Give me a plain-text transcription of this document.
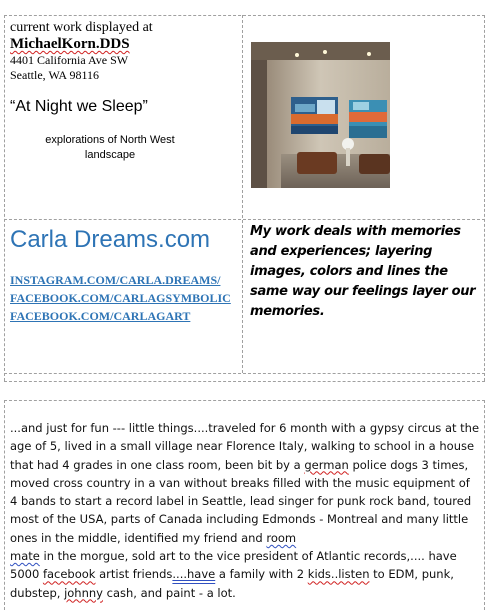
current work displayed at
MichaelKorn.DDS
4401 California Ave SW
Seattle, WA 98116
“At Night we Sleep”
explorations of North West
landscape
Carla Dreams.com
INSTAGRAM.COM/CARLA.DREAMS/
FACEBOOK.COM/CARLAGSYMBOLIC
FACEBOOK.COM/CARLAGART
My work deals with memories and experiences; layering images, colors and lines the same way our feelings layer our memories.
...and just for fun --- little things....traveled for 6 month with a gypsy circus at the age of 5, lived in a small village near Florence Italy, walking to school in a house that had 4 grades in one class room, been bit by a german police dogs 3 times, moved cross country in a van without breaks filled with the music equipment of 4 bands to start a record label in Seattle, lead singer for punk rock band, toured most of the USA, parts of Canada including Edmonds - Montreal and many little ones in the middle, identified my friend and room
mate in the morgue, sold art to the vice president of Atlantic records,.... have 5000 facebook artist friends....have a family with 2 kids..listen to EDM, punk, dubstep, johnny cash, and paint - a lot.
